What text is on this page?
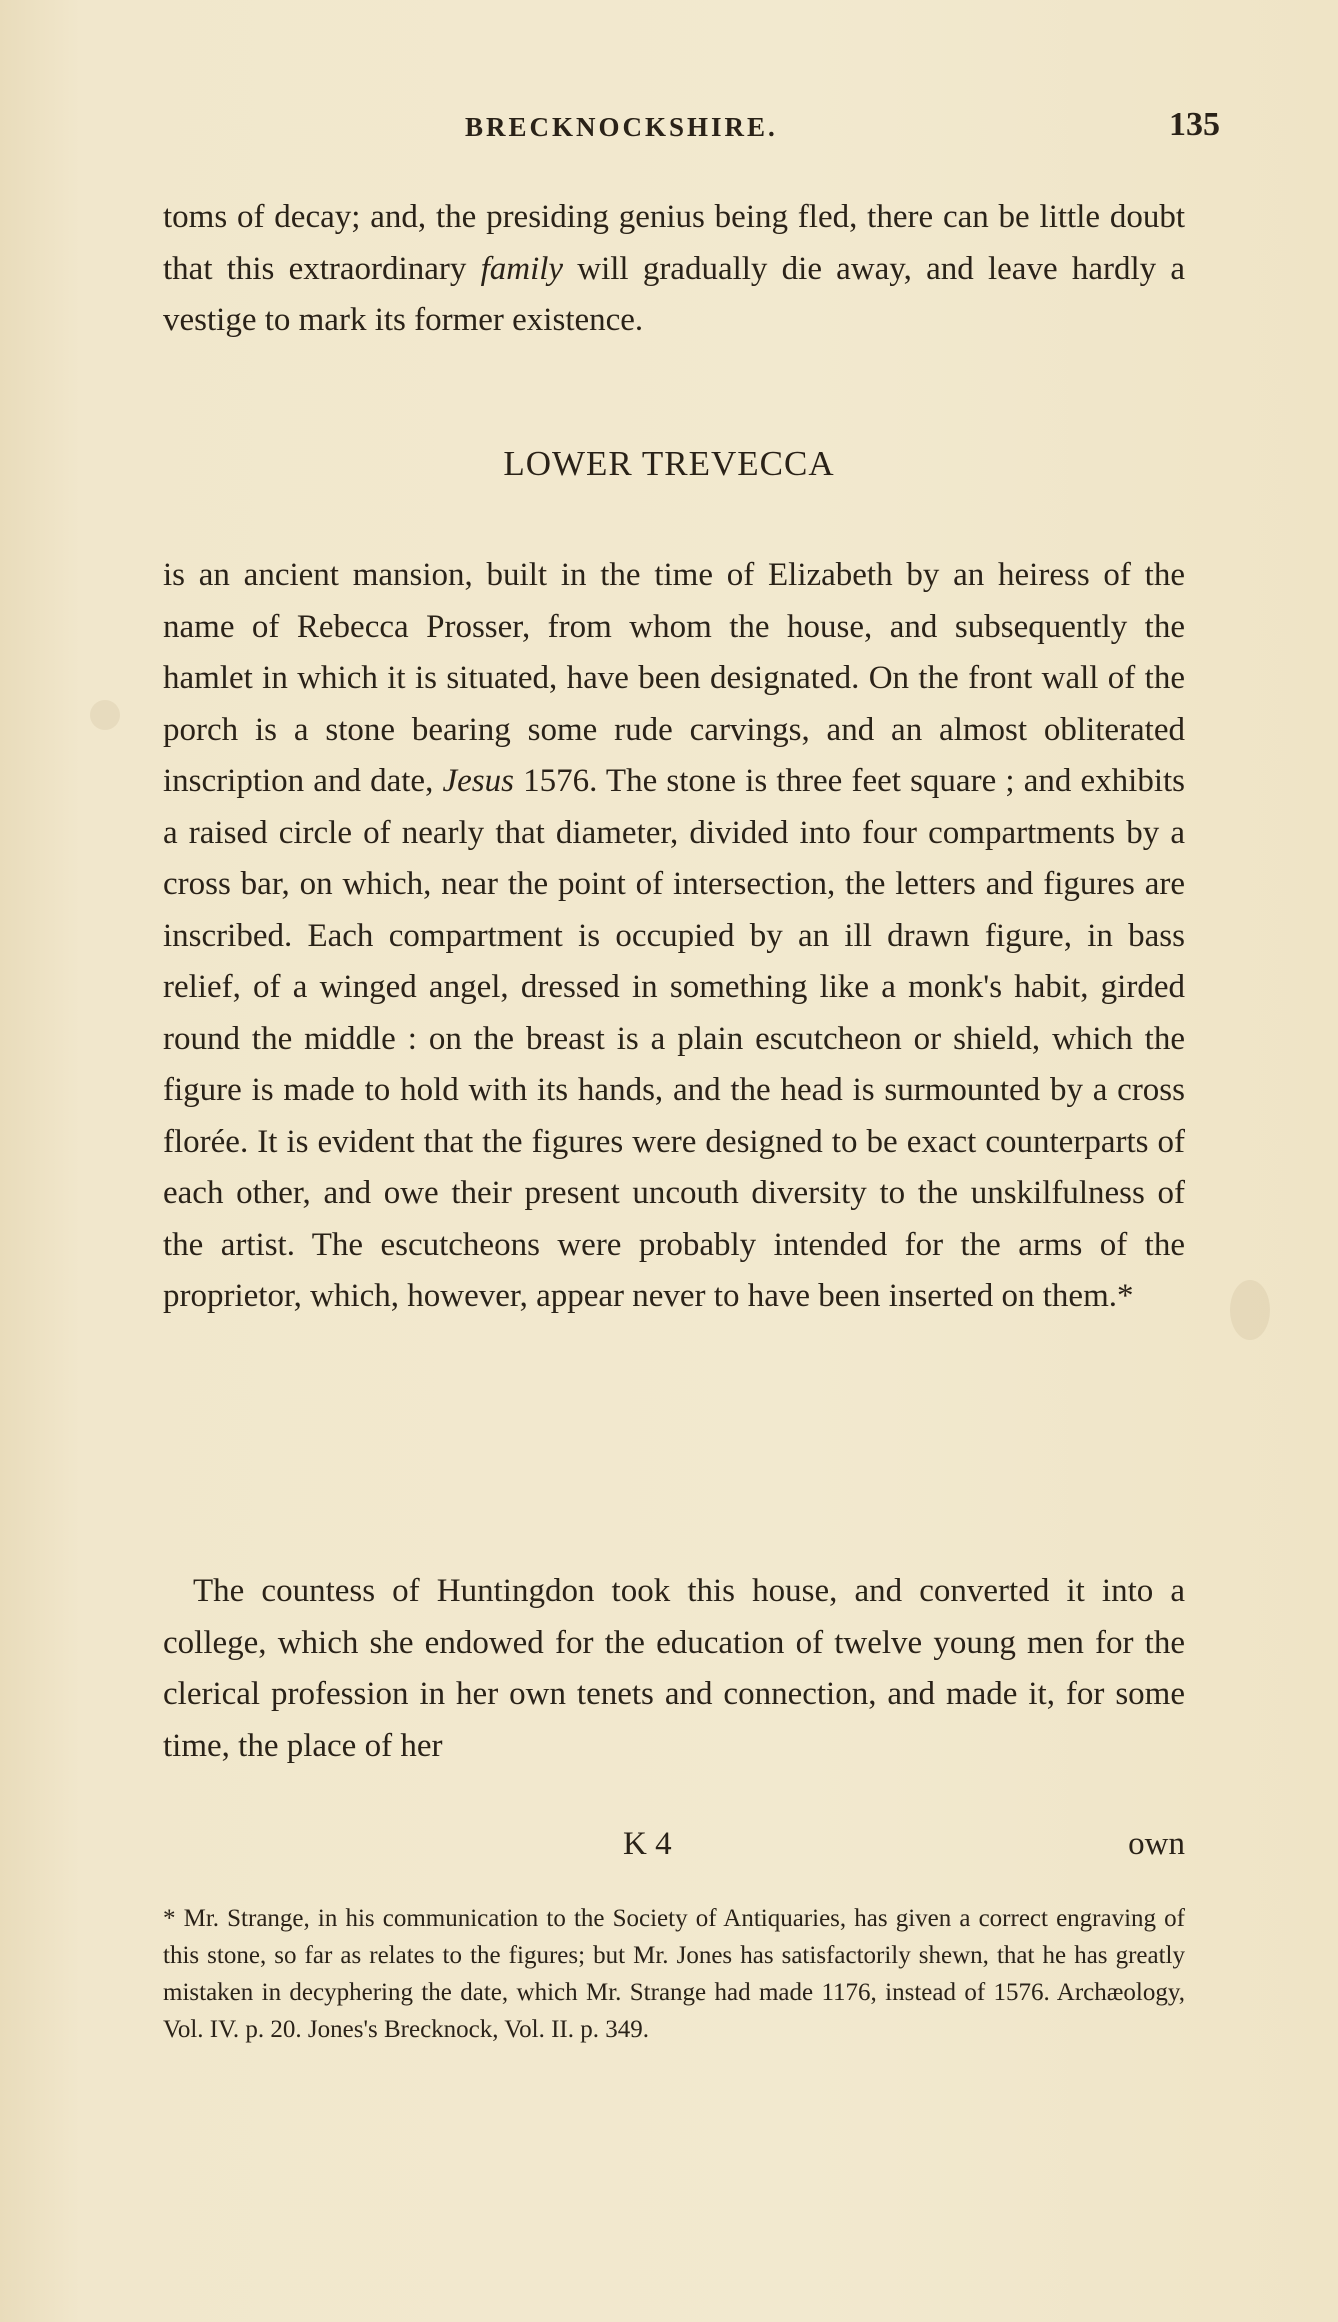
BRECKNOCKSHIRE.	135

toms of decay; and, the presiding genius being fled, there can be little doubt that this extraordinary family will gradually die away, and leave hardly a vestige to mark its former existence.

LOWER TREVECCA

is an ancient mansion, built in the time of Elizabeth by an heiress of the name of Rebecca Prosser, from whom the house, and subsequently the hamlet in which it is situated, have been designated. On the front wall of the porch is a stone bearing some rude carvings, and an almost obliterated inscription and date, Jesus 1576. The stone is three feet square ; and exhibits a raised circle of nearly that diameter, divided into four compartments by a cross bar, on which, near the point of intersection, the letters and figures are inscribed. Each compartment is occupied by an ill drawn figure, in bass relief, of a winged angel, dressed in something like a monk's habit, girded round the middle : on the breast is a plain escutcheon or shield, which the figure is made to hold with its hands, and the head is surmounted by a cross florée. It is evident that the figures were designed to be exact counterparts of each other, and owe their present uncouth diversity to the unskilfulness of the artist. The escutcheons were probably intended for the arms of the proprietor, which, however, appear never to have been inserted on them.*

The countess of Huntingdon took this house, and converted it into a college, which she endowed for the education of twelve young men for the clerical profession in her own tenets and connection, and made it, for some time, the place of her

K 4	own

* Mr. Strange, in his communication to the Society of Antiquaries, has given a correct engraving of this stone, so far as relates to the figures; but Mr. Jones has satisfactorily shewn, that he has greatly mistaken in decyphering the date, which Mr. Strange had made 1176, instead of 1576. Archæology, Vol. IV. p. 20. Jones's Brecknock, Vol. II. p. 349.
